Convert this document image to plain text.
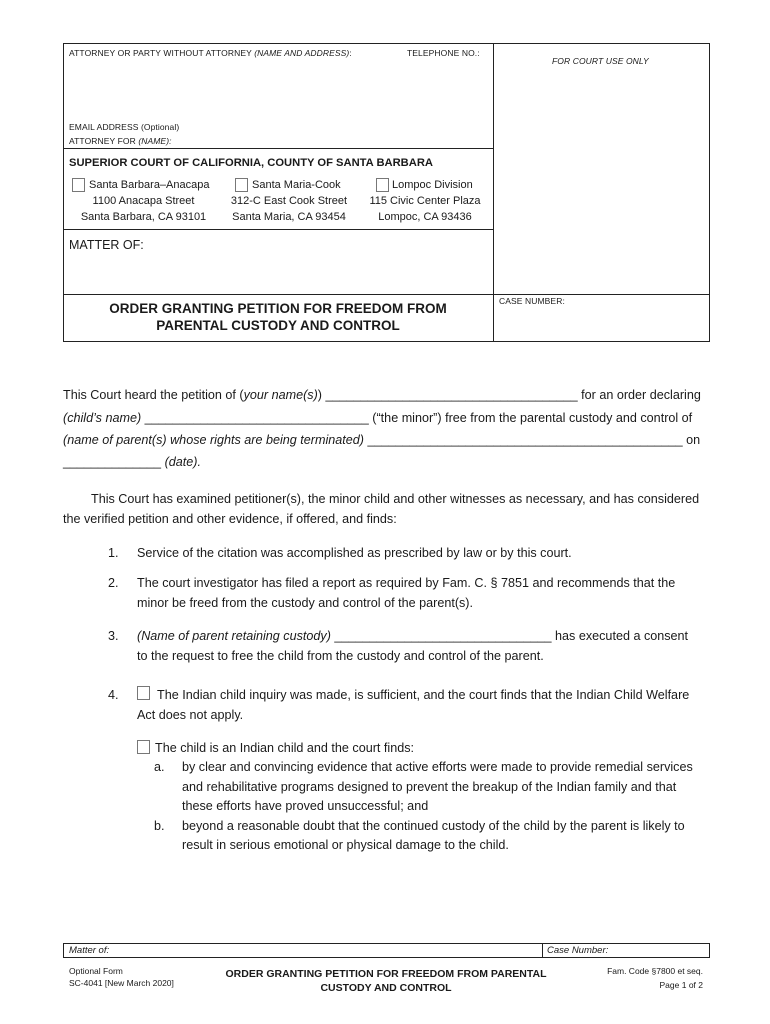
ATTORNEY OR PARTY WITHOUT ATTORNEY (NAME AND ADDRESS):	TELEPHONE NO.:
FOR COURT USE ONLY
EMAIL ADDRESS (Optional)
ATTORNEY FOR (NAME):
SUPERIOR COURT OF CALIFORNIA, COUNTY OF SANTA BARBARA
Santa Barbara–Anacapa
1100 Anacapa Street
Santa Barbara, CA 93101
Santa Maria-Cook
312-C East Cook Street
Santa Maria, CA 93454
Lompoc Division
115 Civic Center Plaza
Lompoc, CA 93436
MATTER OF:
CASE NUMBER:
ORDER GRANTING PETITION FOR FREEDOM FROM
PARENTAL CUSTODY AND CONTROL
This Court heard the petition of (your name(s)) ____________________________________ for an order declaring
(child’s name) ________________________________ (“the minor”) free from the parental custody and control of
(name of parent(s) whose rights are being terminated) _____________________________________________ on
______________ (date).
This Court has examined petitioner(s), the minor child and other witnesses as necessary, and has considered
the verified petition and other evidence, if offered, and finds:
1. Service of the citation was accomplished as prescribed by law or by this court.
2. The court investigator has filed a report as required by Fam. C. § 7851 and recommends that the
minor be freed from the custody and control of the parent(s).
3. (Name of parent retaining custody) _______________________________ has executed a consent
to the request to free the child from the custody and control of the parent.
4.	The Indian child inquiry was made, is sufficient, and the court finds that the Indian Child Welfare
Act does not apply.
The child is an Indian child and the court finds:
a. by clear and convincing evidence that active efforts were made to provide remedial services
and rehabilitative programs designed to prevent the breakup of the Indian family and that
these efforts have proved unsuccessful; and
b. beyond a reasonable doubt that the continued custody of the child by the parent is likely to
result in serious emotional or physical damage to the child.
Matter of:	Case Number:
Optional Form
SC-4041 [New March 2020]
ORDER GRANTING PETITION FOR FREEDOM FROM PARENTAL
CUSTODY AND CONTROL
Fam. Code §7800 et seq.
Page 1 of 2
